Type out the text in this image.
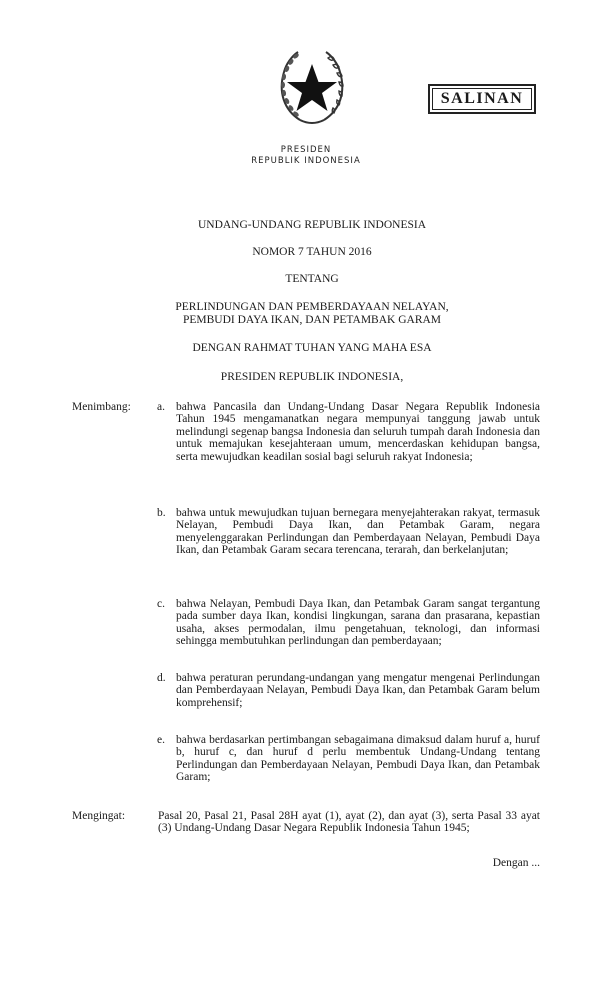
SALINAN
PRESIDEN
REPUBLIK INDONESIA
UNDANG-UNDANG REPUBLIK INDONESIA
NOMOR 7 TAHUN 2016
TENTANG
PERLINDUNGAN DAN PEMBERDAYAAN NELAYAN,
PEMBUDI DAYA IKAN, DAN PETAMBAK GARAM
DENGAN RAHMAT TUHAN YANG MAHA ESA
PRESIDEN REPUBLIK INDONESIA,
Menimbang: a. bahwa Pancasila dan Undang-Undang Dasar Negara Republik Indonesia Tahun 1945 mengamanatkan negara mempunyai tanggung jawab untuk melindungi segenap bangsa Indonesia dan seluruh tumpah darah Indonesia dan untuk memajukan kesejahteraan umum, mencerdaskan kehidupan bangsa, serta mewujudkan keadilan sosial bagi seluruh rakyat Indonesia;
b. bahwa untuk mewujudkan tujuan bernegara menyejahterakan rakyat, termasuk Nelayan, Pembudi Daya Ikan, dan Petambak Garam, negara menyelenggarakan Perlindungan dan Pemberdayaan Nelayan, Pembudi Daya Ikan, dan Petambak Garam secara terencana, terarah, dan berkelanjutan;
c. bahwa Nelayan, Pembudi Daya Ikan, dan Petambak Garam sangat tergantung pada sumber daya Ikan, kondisi lingkungan, sarana dan prasarana, kepastian usaha, akses permodalan, ilmu pengetahuan, teknologi, dan informasi sehingga membutuhkan perlindungan dan pemberdayaan;
d. bahwa peraturan perundang-undangan yang mengatur mengenai Perlindungan dan Pemberdayaan Nelayan, Pembudi Daya Ikan, dan Petambak Garam belum komprehensif;
e. bahwa berdasarkan pertimbangan sebagaimana dimaksud dalam huruf a, huruf b, huruf c, dan huruf d perlu membentuk Undang-Undang tentang Perlindungan dan Pemberdayaan Nelayan, Pembudi Daya Ikan, dan Petambak Garam;
Mengingat:	Pasal 20, Pasal 21, Pasal 28H ayat (1), ayat (2), dan ayat (3), serta Pasal 33 ayat (3) Undang-Undang Dasar Negara Republik Indonesia Tahun 1945;
Dengan ...
